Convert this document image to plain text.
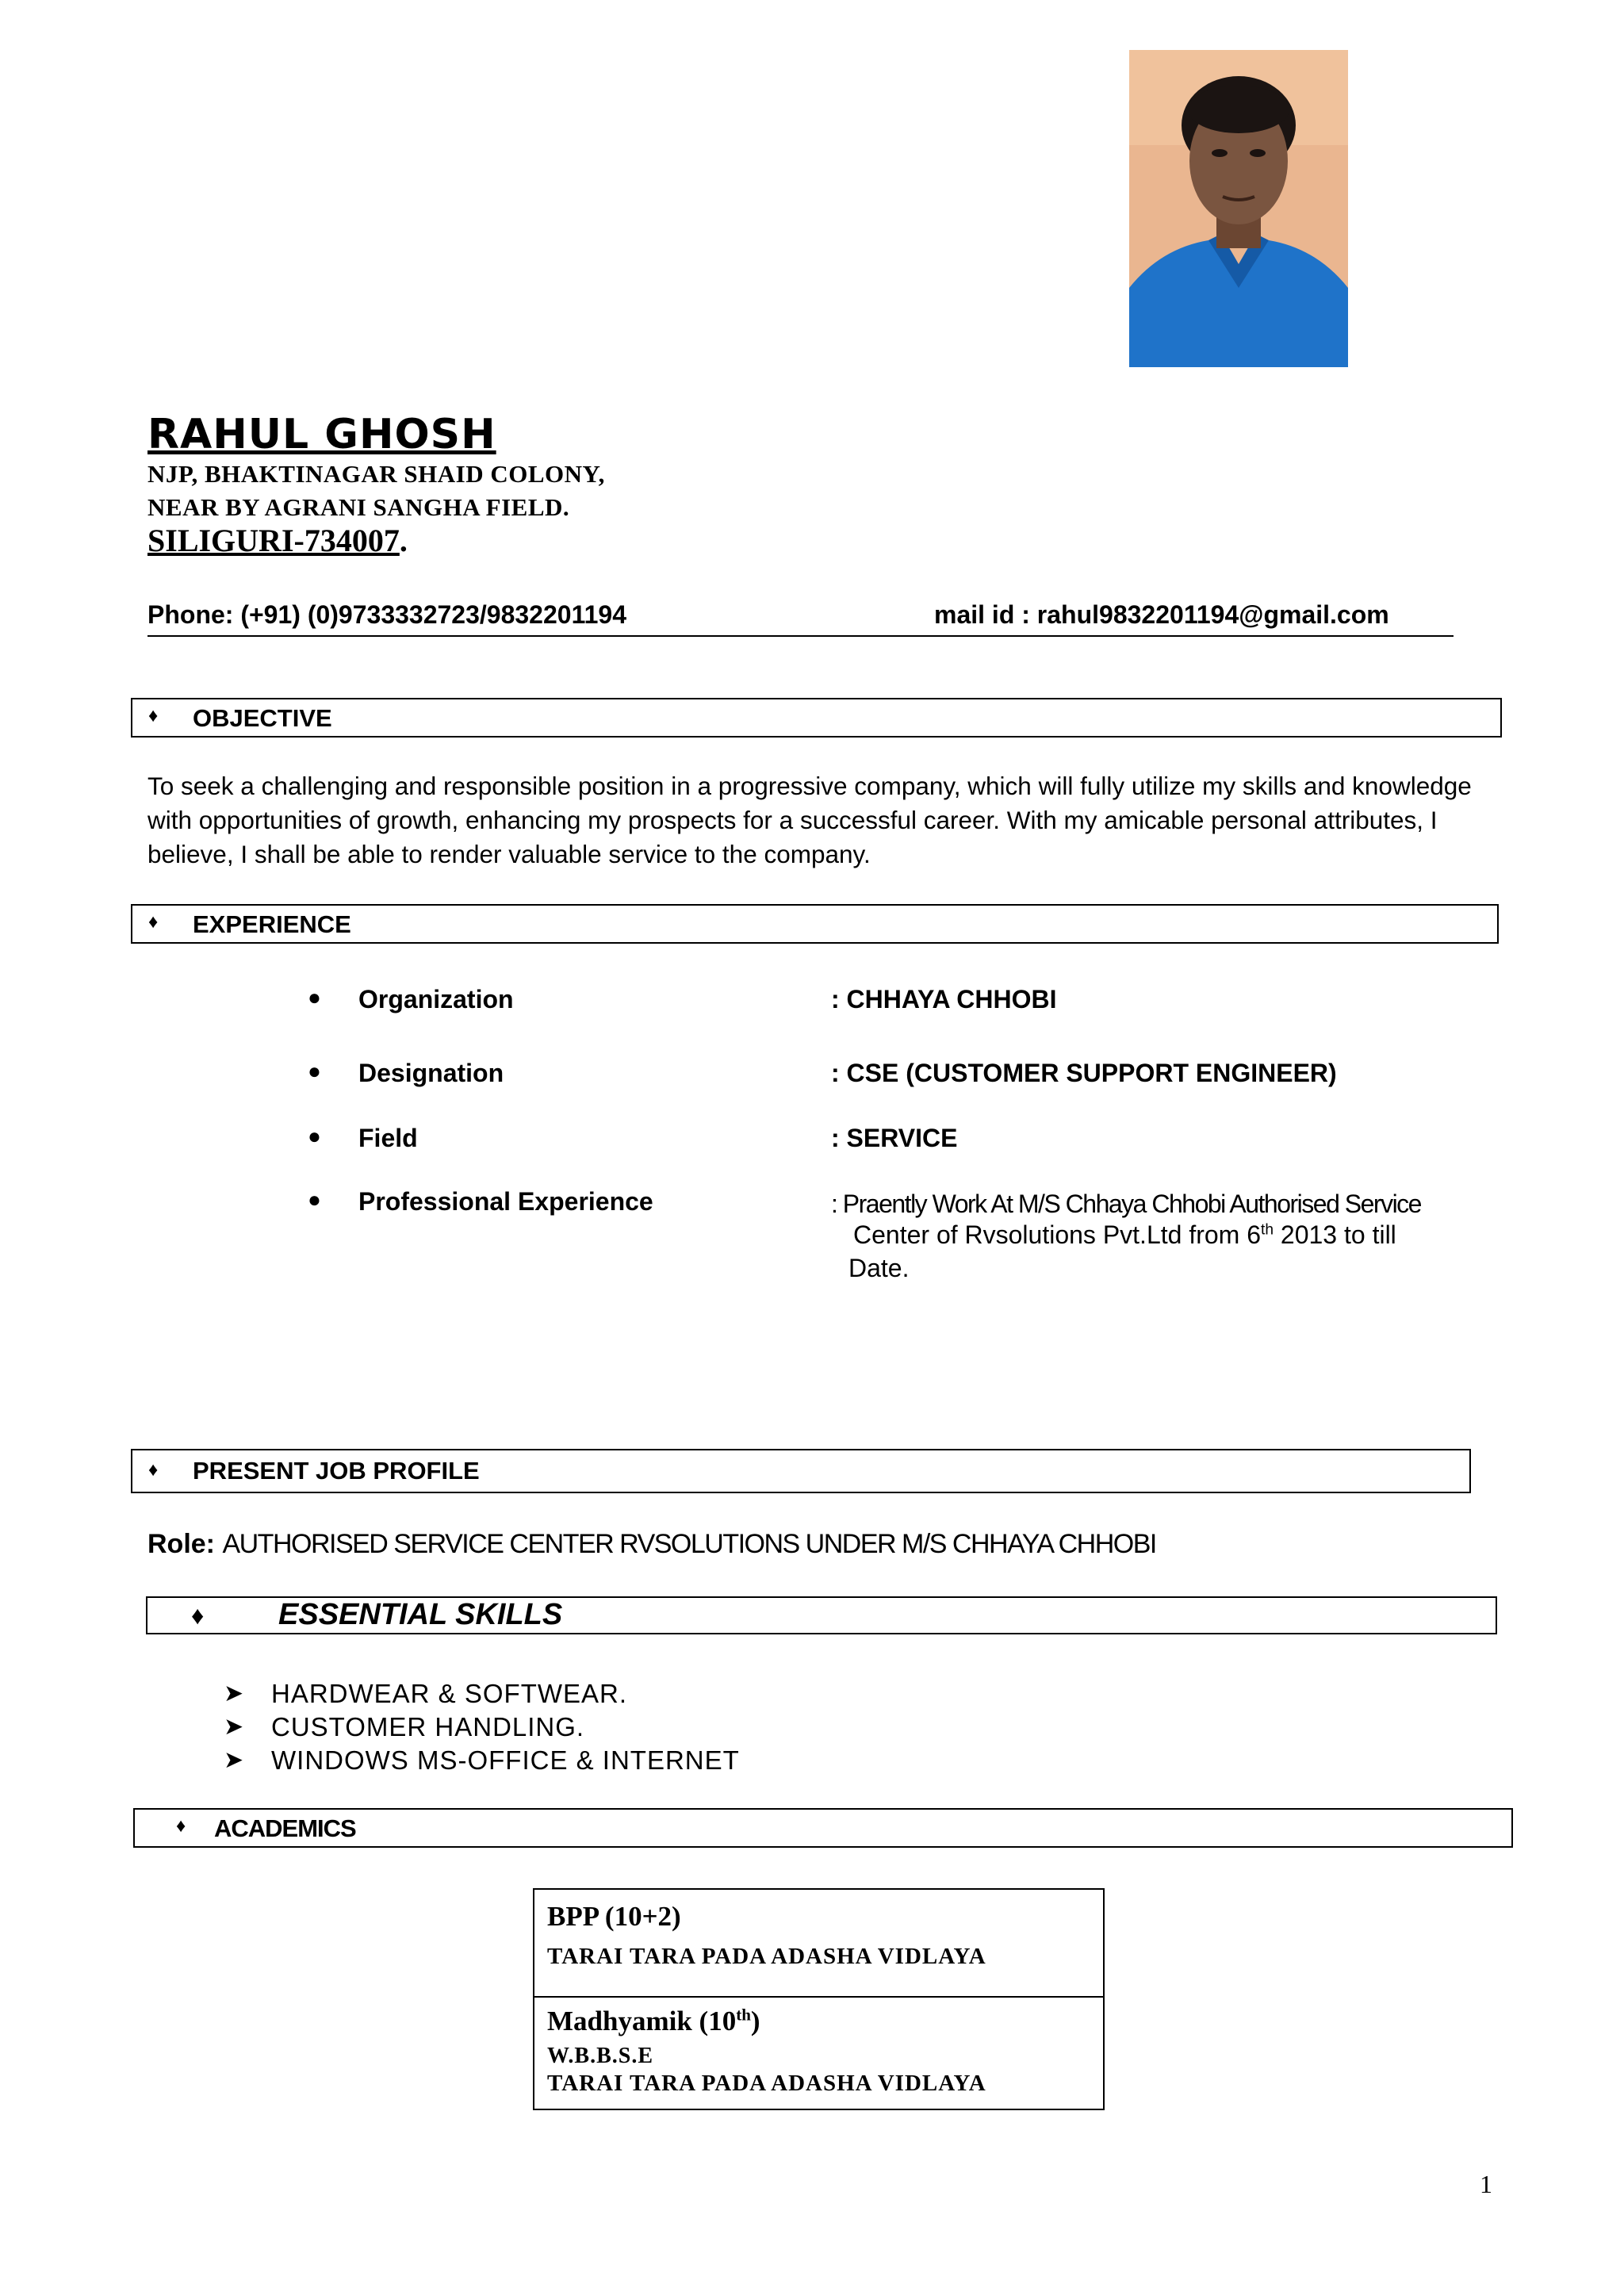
RAHUL GHOSH
NJP, BHAKTINAGAR SHAID COLONY,
NEAR BY AGRANI SANGHA FIELD.
SILIGURI-734007.
Phone: (+91) (0)9733332723/9832201194	mail id : rahul9832201194@gmail.com
♦ OBJECTIVE
To seek a challenging and responsible position in a progressive company, which will fully utilize my skills and knowledge with opportunities of growth, enhancing my prospects for a successful career. With my amicable personal attributes, I believe, I shall be able to render valuable service to the company.
♦ EXPERIENCE
● Organization	: CHHAYA CHHOBI
● Designation	: CSE (CUSTOMER SUPPORT ENGINEER)
● Field	: SERVICE
● Professional Experience	: Praently Work At M/S Chhaya Chhobi Authorised Service
Center of Rvsolutions Pvt.Ltd from 6th 2013 to till
Date.
♦ PRESENT JOB PROFILE
Role: AUTHORISED SERVICE CENTER RVSOLUTIONS UNDER M/S CHHAYA CHHOBI
♦ ESSENTIAL SKILLS
➤ HARDWEAR & SOFTWEAR.
➤ CUSTOMER HANDLING.
➤ WINDOWS MS-OFFICE & INTERNET
♦ ACADEMICS
BPP (10+2)
TARAI TARA PADA ADASHA VIDLAYA
Madhyamik (10th)
W.B.B.S.E
TARAI TARA PADA ADASHA VIDLAYA
1
